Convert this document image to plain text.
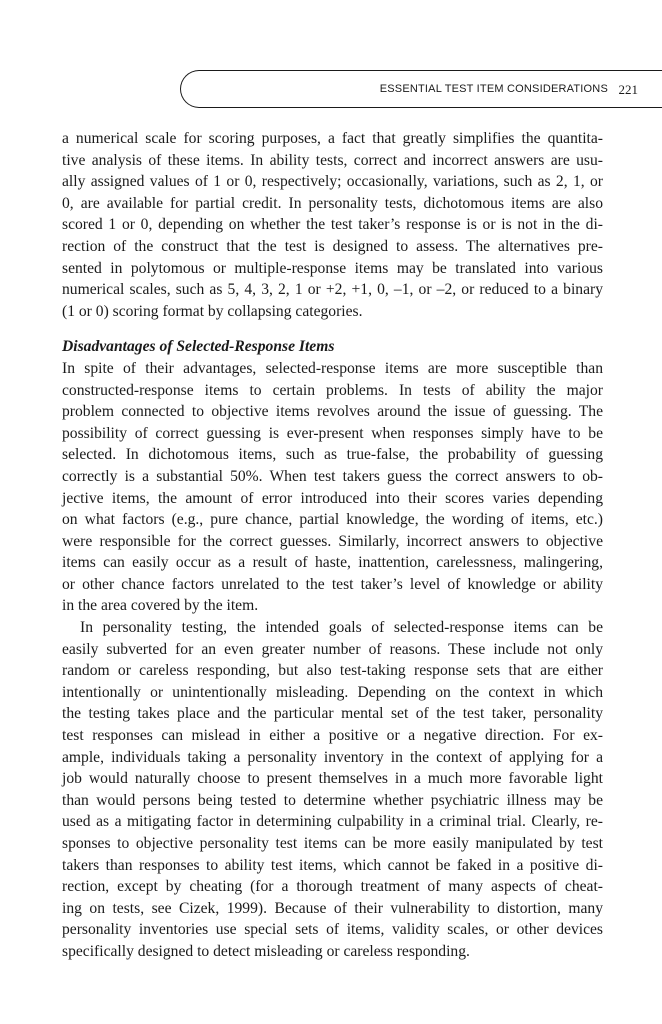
ESSENTIAL TEST ITEM CONSIDERATIONS 221
a numerical scale for scoring purposes, a fact that greatly simplifies the quantita-
tive analysis of these items. In ability tests, correct and incorrect answers are usu-
ally assigned values of 1 or 0, respectively; occasionally, variations, such as 2, 1, or
0, are available for partial credit. In personality tests, dichotomous items are also
scored 1 or 0, depending on whether the test taker’s response is or is not in the di-
rection of the construct that the test is designed to assess. The alternatives pre-
sented in polytomous or multiple-response items may be translated into various
numerical scales, such as 5, 4, 3, 2, 1 or +2, +1, 0, –1, or –2, or reduced to a binary
(1 or 0) scoring format by collapsing categories.
Disadvantages of Selected-Response Items
In spite of their advantages, selected-response items are more susceptible than
constructed-response items to certain problems. In tests of ability the major
problem connected to objective items revolves around the issue of guessing. The
possibility of correct guessing is ever-present when responses simply have to be
selected. In dichotomous items, such as true-false, the probability of guessing
correctly is a substantial 50%. When test takers guess the correct answers to ob-
jective items, the amount of error introduced into their scores varies depending
on what factors (e.g., pure chance, partial knowledge, the wording of items, etc.)
were responsible for the correct guesses. Similarly, incorrect answers to objective
items can easily occur as a result of haste, inattention, carelessness, malingering,
or other chance factors unrelated to the test taker’s level of knowledge or ability
in the area covered by the item.
In personality testing, the intended goals of selected-response items can be
easily subverted for an even greater number of reasons. These include not only
random or careless responding, but also test-taking response sets that are either
intentionally or unintentionally misleading. Depending on the context in which
the testing takes place and the particular mental set of the test taker, personality
test responses can mislead in either a positive or a negative direction. For ex-
ample, individuals taking a personality inventory in the context of applying for a
job would naturally choose to present themselves in a much more favorable light
than would persons being tested to determine whether psychiatric illness may be
used as a mitigating factor in determining culpability in a criminal trial. Clearly, re-
sponses to objective personality test items can be more easily manipulated by test
takers than responses to ability test items, which cannot be faked in a positive di-
rection, except by cheating (for a thorough treatment of many aspects of cheat-
ing on tests, see Cizek, 1999). Because of their vulnerability to distortion, many
personality inventories use special sets of items, validity scales, or other devices
specifically designed to detect misleading or careless responding.
